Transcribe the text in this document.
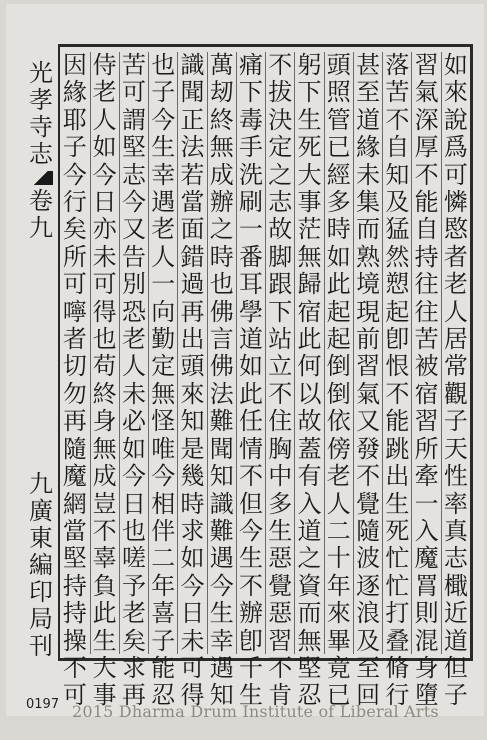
如
來
說
爲
可
憐
愍
者
老
人
居
常
觀
子
天
性
率
真
志
檝
近
道
但
子
習
氣
深
厚
不
能
自
持
往
往
苦
被
宿
習
所
牽
一
入
魔
罥
則
混
身
墮
落
苦
不
自
知
及
猛
然
愬
起
卽
恨
不
能
跳
出
生
死
忙
忙
打
叠
脩
行
甚
至
道
緣
未
集
而
熟
境
現
前
習
氣
又
發
不
覺
隨
波
逐
浪
及
至
回
頭
照
管
已
經
多
時
如
此
起
起
倒
倒
依
傍
老
人
二
十
年
來
畢
竟
已
躬
下
生
死
大
事
茫
無
歸
宿
此
何
以
故
蓋
有
入
道
之
資
而
無
堅
忍
不
拔
決
定
之
志
故
脚
跟
下
站
立
不
住
胸
中
多
生
惡
覺
惡
習
不
肯
痛
下
毒
手
洗
刷
一
番
耳
學
道
如
此
任
情
不
但
今
生
不
辦
卽
千
生
萬
刼
終
無
成
辦
之
時
也
佛
言
佛
法
難
聞
知
識
難
遇
今
生
幸
遇
知
識
聞
正
法
若
當
面
錯
過
再
出
頭
來
知
是
幾
時
求
如
今
日
未
可
得
也
子
今
生
幸
遇
老
人
一
向
勤
定
無
怪
唯
今
相
伴
二
年
喜
子
能
忍
苦
可
謂
堅
志
今
又
告
別
恐
老
人
未
必
如
今
日
也
嗟
予
老
矣
求
再
侍
老
人
如
今
日
亦
未
可
得
也
苟
終
身
無
成
豈
不
辜
負
此
生
大
事
因
緣
耶
子
今
行
矣
所
可
嚀
者
切
勿
再
隨
魔
網
當
堅
持
持
操
不
可
光
孝
寺
志
卷
九
九
廣
東
編
印
局
刊
0197 2015 Dharma Drum Institute of Liberal Arts
